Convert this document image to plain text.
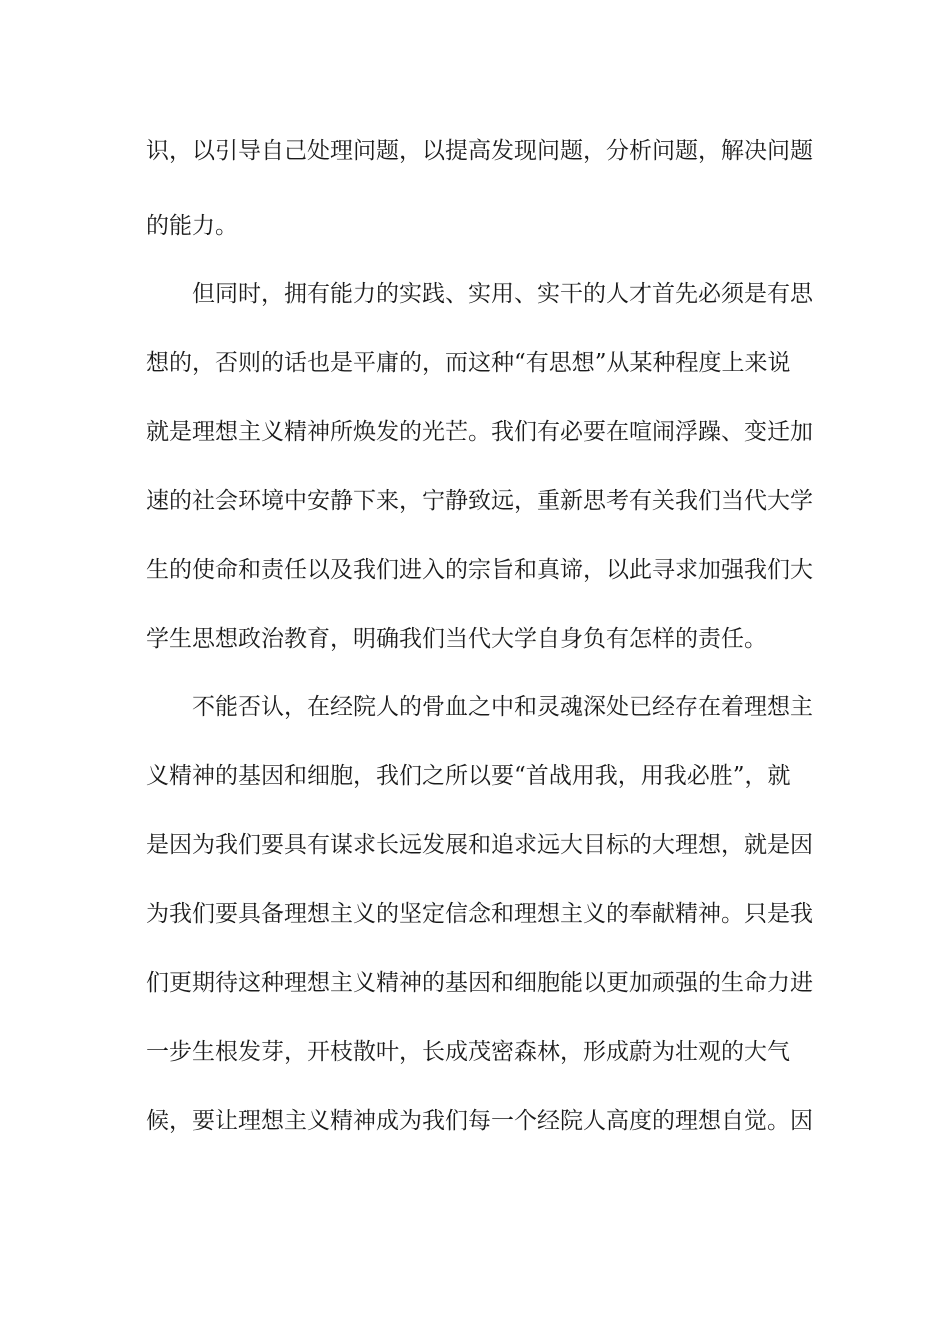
识，以引导自己处理问题，以提高发现问题，分析问题，解决问题
的能力。
但同时，拥有能力的实践、实用、实干的人才首先必须是有思
想的，否则的话也是平庸的，而这种“有思想”从某种程度上来说
就是理想主义精神所焕发的光芒。我们有必要在喧闹浮躁、变迁加
速的社会环境中安静下来，宁静致远，重新思考有关我们当代大学
生的使命和责任以及我们进入的宗旨和真谛，以此寻求加强我们大
学生思想政治教育，明确我们当代大学自身负有怎样的责任。
不能否认，在经院人的骨血之中和灵魂深处已经存在着理想主
义精神的基因和细胞，我们之所以要“首战用我，用我必胜”，就
是因为我们要具有谋求长远发展和追求远大目标的大理想，就是因
为我们要具备理想主义的坚定信念和理想主义的奉献精神。只是我
们更期待这种理想主义精神的基因和细胞能以更加顽强的生命力进
一步生根发芽，开枝散叶，长成茂密森林，形成蔚为壮观的大气
候，要让理想主义精神成为我们每一个经院人高度的理想自觉。因
